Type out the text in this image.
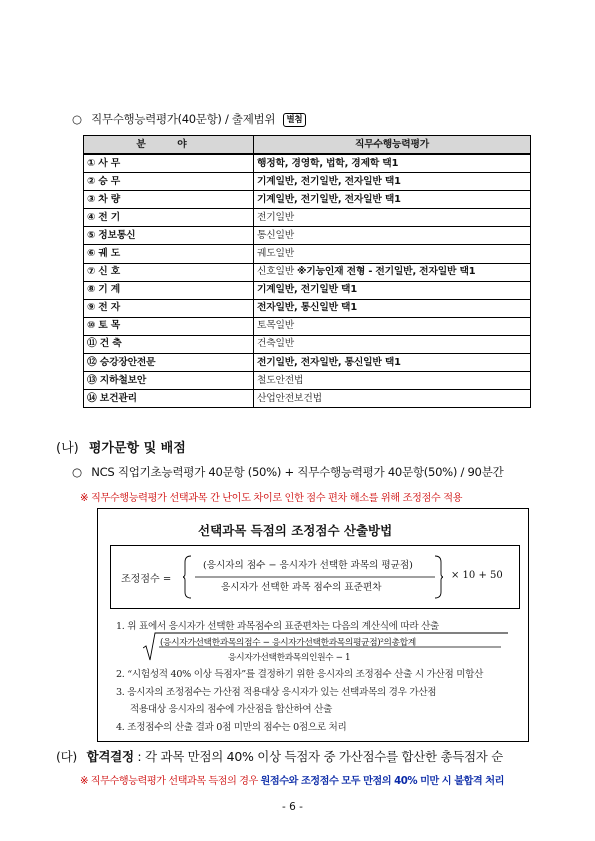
○ 직무수행능력평가(40문항) / 출제범위 별첨
분 야	직무수행능력평가
① 사 무	행정학, 경영학, 법학, 경제학 택1
② 승 무	기계일반, 전기일반, 전자일반 택1
③ 차 량	기계일반, 전기일반, 전자일반 택1
④ 전 기	전기일반
⑤ 정보통신	통신일반
⑥ 궤 도	궤도일반
⑦ 신 호	신호일반 ※기능인재 전형 - 전기일반, 전자일반 택1
⑧ 기 계	기계일반, 전기일반 택1
⑨ 전 자	전자일반, 통신일반 택1
⑩ 토 목	토목일반
⑪ 건 축	건축일반
⑫ 승강장안전문	전기일반, 전자일반, 통신일반 택1
⑬ 지하철보안	철도안전법
⑭ 보건관리	산업안전보건법
(나) 평가문항 및 배점
○ NCS 직업기초능력평가 40문항 (50%) + 직무수행능력평가 40문항(50%) / 90분간
※ 직무수행능력평가 선택과목 간 난이도 차이로 인한 점수 편차 해소를 위해 조정점수 적용
선택과목 득점의 조정점수 산출방법
조정점수 =
(응시자의 점수 − 응시자가 선택한 과목의 평균점)
응시자가 선택한 과목 점수의 표준편차
× 10 + 50
1. 위 표에서 응시자가 선택한 과목점수의 표준편차는 다음의 계산식에 따라 산출
(응시자가선택한과목의점수 − 응시자가선택한과목의평균점)²의총합계
응시자가선택한과목의인원수 − 1
2. “시험성적 40% 이상 득점자”를 결정하기 위한 응시자의 조정점수 산출 시 가산점 미합산
3. 응시자의 조정점수는 가산점 적용대상 응시자가 있는 선택과목의 경우 가산점
적용대상 응시자의 점수에 가산점을 합산하여 산출
4. 조정점수의 산출 결과 0점 미만의 점수는 0점으로 처리
(다) 합격결정 : 각 과목 만점의 40% 이상 득점자 중 가산점수를 합산한 총득점자 순
※ 직무수행능력평가 선택과목 득점의 경우 원점수와 조정점수 모두 만점의 40% 미만 시 불합격 처리
- 6 -
